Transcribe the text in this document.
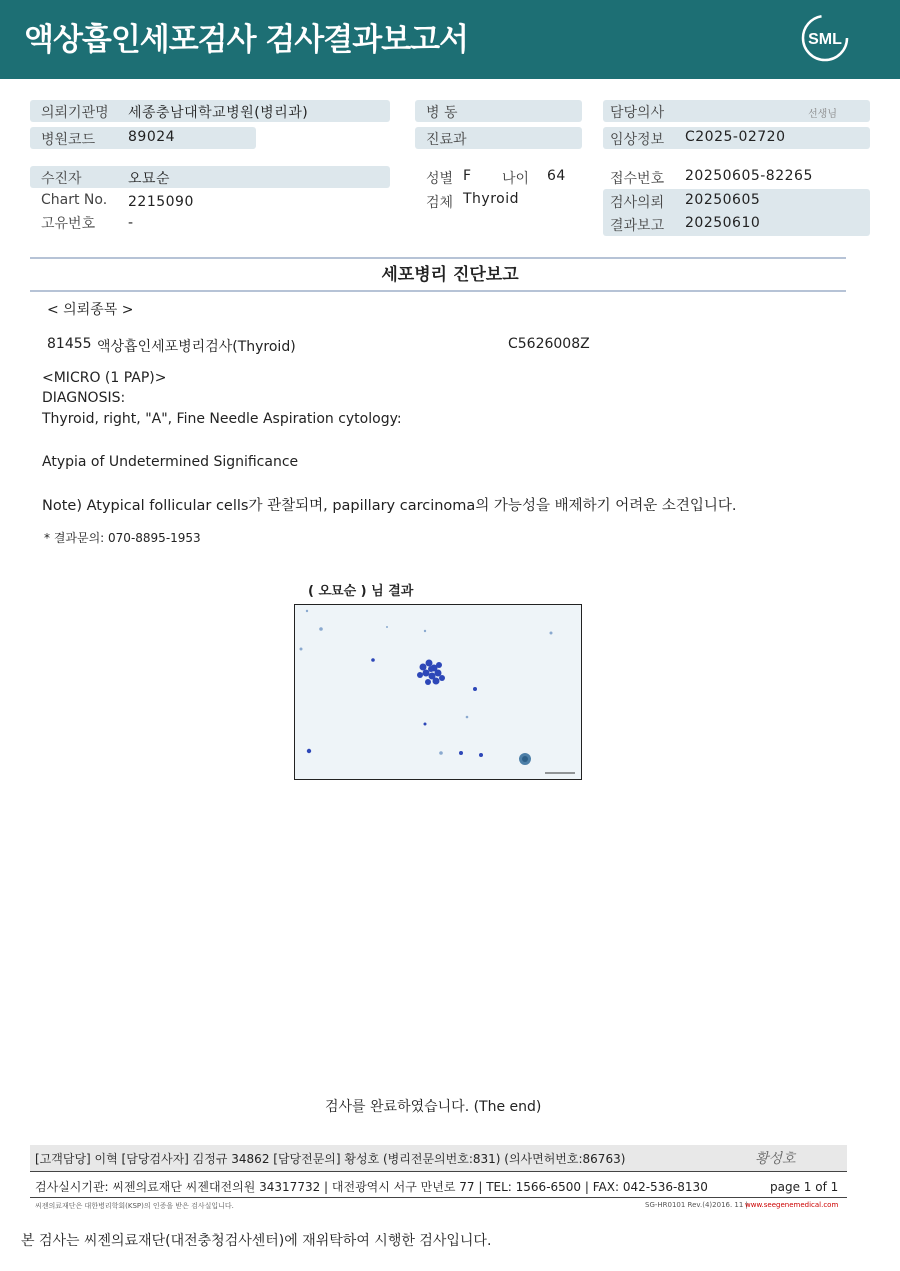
액상흡인세포검사 검사결과보고서	SML
의뢰기관명 세종충남대학교병원(병리과)
병원코드 89024
병 동
진료과
담당의사	선생님
임상정보 C2025-02720
수진자	오묘순
Chart No. 2215090
고유번호 -
성별 F 나이 64
검체 Thyroid
접수번호 20250605-82265
검사의뢰 20250605
결과보고 20250610
세포병리 진단보고
< 의뢰종목 >
81455 액상흡인세포병리검사(Thyroid)	C5626008Z
<MICRO (1 PAP)>
DIAGNOSIS:
Thyroid, right, "A", Fine Needle Aspiration cytology:
Atypia of Undetermined Significance
Note) Atypical follicular cells가 관찰되며, papillary carcinoma의 가능성을 배제하기 어려운 소견입니다.
* 결과문의: 070-8895-1953
( 오묘순 ) 님 결과
검사를 완료하였습니다. (The end)
[고객담당] 이혁 [담당검사자] 김정규 34862 [담당전문의] 황성호 (병리전문의번호:831) (의사면허번호:86763)	황성호
검사실시기관: 씨젠의료재단 씨젠대전의원 34317732 | 대전광역시 서구 만년로 77 | TEL: 1566-6500 | FAX: 042-536-8130	page 1 of 1
씨젠의료재단은 대한병리학회(KSP)의 인증을 받은 검사실입니다.	SG-HR0101 Rev.(4)2016. 11 |
www.seegenemedical.com
본 검사는 씨젠의료재단(대전충청검사센터)에 재위탁하여 시행한 검사입니다.
